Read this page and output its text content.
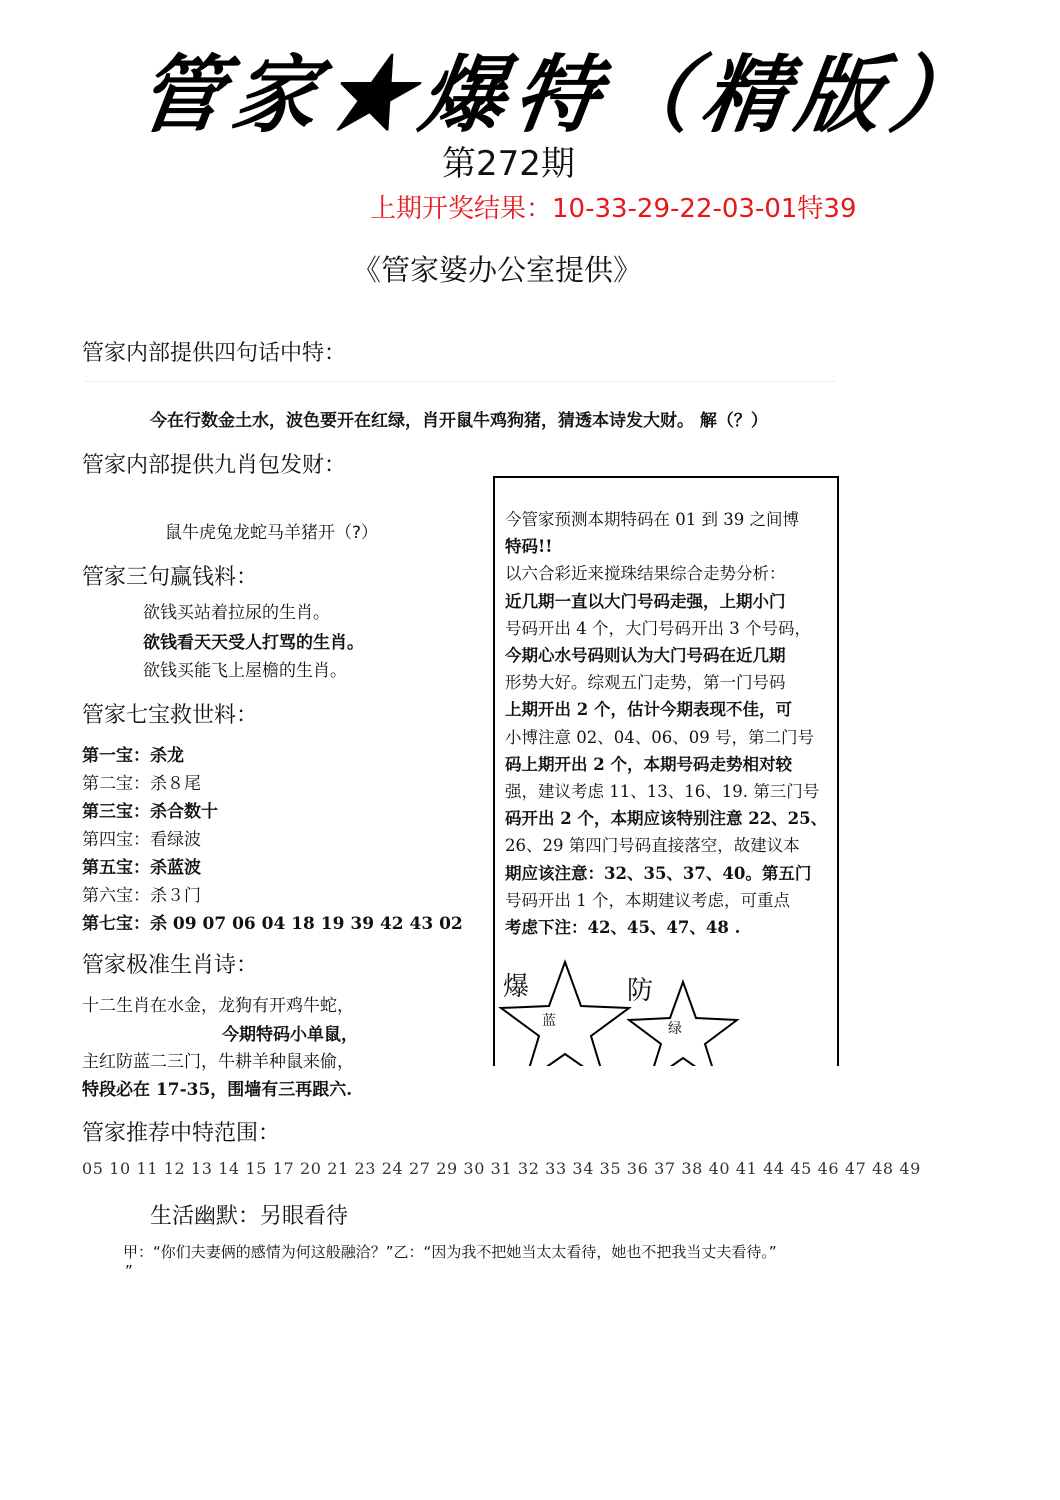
管家★爆特（精版）
第272期
上期开奖结果：10-33-29-22-03-01特39
《管家婆办公室提供》
管家内部提供四句话中特：
今在行数金土水，波色要开在红绿，肖开鼠牛鸡狗猪，猜透本诗发大财。 解（？）
管家内部提供九肖包发财：
鼠牛虎兔龙蛇马羊猪开（?）
管家三句赢钱料：
欲钱买站着拉尿的生肖。
欲钱看天天受人打骂的生肖。
欲钱买能飞上屋檐的生肖。
管家七宝救世料：
第一宝：杀龙
第二宝：杀８尾
第三宝：杀合数十
第四宝：看绿波
第五宝：杀蓝波
第六宝：杀３门
第七宝：杀 09 07 06 04 18 19 39 42 43 02
管家极准生肖诗：
十二生肖在水金，龙狗有开鸡牛蛇，
今期特码小单鼠，
主红防蓝二三门，牛耕羊种鼠来偷，
特段必在 17-35，围墙有三再跟六.
今管家预测本期特码在 01 到 39 之间博
特码!!
以六合彩近来搅珠结果综合走势分析：
近几期一直以大门号码走强，上期小门
号码开出 4 个，大门号码开出 3 个号码，
今期心水号码则认为大门号码在近几期
形势大好。综观五门走势，第一门号码
上期开出 2 个，估计今期表现不佳，可
小博注意 02、04、06、09 号，第二门号
码上期开出 2 个，本期号码走势相对较
强，建议考虑 11、13、16、19. 第三门号
码开出 2 个，本期应该特别注意 22、25、
26、29 第四门号码直接落空，故建议本
期应该注意：32、35、37、40。第五门
号码开出 1 个，本期建议考虑，可重点
考虑下注：42、45、47、48 .
爆
蓝
防
绿
管家推荐中特范围：
05 10 11 12 13 14 15 17 20 21 23 24 27 29 30 31 32 33 34 35 36 37 38 40 41 44 45 46 47 48 49
生活幽默：另眼看待
甲：“你们夫妻俩的感情为何这般融洽？”乙：“因为我不把她当太太看待，她也不把我当丈夫看待。”
”
